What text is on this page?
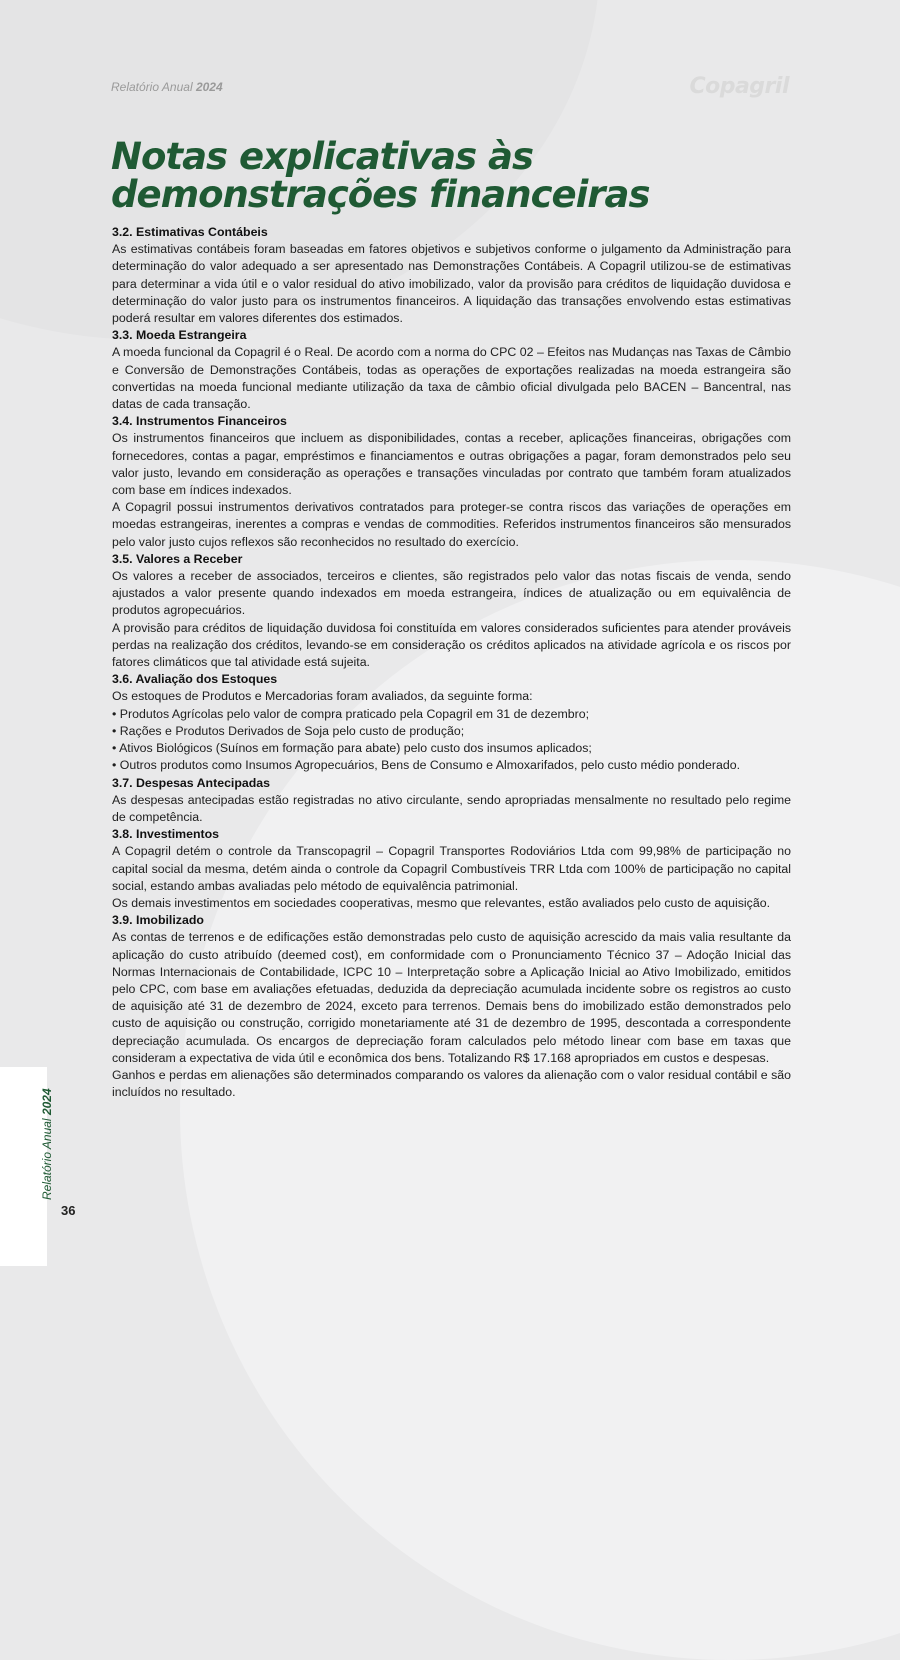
Relatório Anual 2024	Copagril
Notas explicativas às demonstrações financeiras
3.2. Estimativas Contábeis

As estimativas contábeis foram baseadas em fatores objetivos e subjetivos conforme o julgamento da Administração para determinação do valor adequado a ser apresentado nas Demonstrações Contábeis. A Copagril utilizou-se de estimativas para determinar a vida útil e o valor residual do ativo imobilizado, valor da provisão para créditos de liquidação duvidosa e determinação do valor justo para os instrumentos financeiros. A liquidação das transações envolvendo estas estimativas poderá resultar em valores diferentes dos estimados.

3.3. Moeda Estrangeira

A moeda funcional da Copagril é o Real. De acordo com a norma do CPC 02 – Efeitos nas Mudanças nas Taxas de Câmbio e Conversão de Demonstrações Contábeis, todas as operações de exportações realizadas na moeda estrangeira são convertidas na moeda funcional mediante utilização da taxa de câmbio oficial divulgada pelo BACEN – Bancentral, nas datas de cada transação.

3.4. Instrumentos Financeiros

Os instrumentos financeiros que incluem as disponibilidades, contas a receber, aplicações financeiras, obrigações com fornecedores, contas a pagar, empréstimos e financiamentos e outras obrigações a pagar, foram demonstrados pelo seu valor justo, levando em consideração as operações e transações vinculadas por contrato que também foram atualizados com base em índices indexados.

A Copagril possui instrumentos derivativos contratados para proteger-se contra riscos das variações de operações em moedas estrangeiras, inerentes a compras e vendas de commodities. Referidos instrumentos financeiros são mensurados pelo valor justo cujos reflexos são reconhecidos no resultado do exercício.

3.5. Valores a Receber

Os valores a receber de associados, terceiros e clientes, são registrados pelo valor das notas fiscais de venda, sendo ajustados a valor presente quando indexados em moeda estrangeira, índices de atualização ou em equivalência de produtos agropecuários.

A provisão para créditos de liquidação duvidosa foi constituída em valores considerados suficientes para atender prováveis perdas na realização dos créditos, levando-se em consideração os créditos aplicados na atividade agrícola e os riscos por fatores climáticos que tal atividade está sujeita.

3.6. Avaliação dos Estoques

Os estoques de Produtos e Mercadorias foram avaliados, da seguinte forma:

• Produtos Agrícolas pelo valor de compra praticado pela Copagril em 31 de dezembro;

• Rações e Produtos Derivados de Soja pelo custo de produção;

• Ativos Biológicos (Suínos em formação para abate) pelo custo dos insumos aplicados;

• Outros produtos como Insumos Agropecuários, Bens de Consumo e Almoxarifados, pelo custo médio ponderado.

3.7. Despesas Antecipadas

As despesas antecipadas estão registradas no ativo circulante, sendo apropriadas mensalmente no resultado pelo regime de competência.

3.8. Investimentos

A Copagril detém o controle da Transcopagril – Copagril Transportes Rodoviários Ltda com 99,98% de participação no capital social da mesma, detém ainda o controle da Copagril Combustíveis TRR Ltda com 100% de participação no capital social, estando ambas avaliadas pelo método de equivalência patrimonial.

Os demais investimentos em sociedades cooperativas, mesmo que relevantes, estão avaliados pelo custo de aquisição.

3.9. Imobilizado

As contas de terrenos e de edificações estão demonstradas pelo custo de aquisição acrescido da mais valia resultante da aplicação do custo atribuído (deemed cost), em conformidade com o Pronunciamento Técnico 37 – Adoção Inicial das Normas Internacionais de Contabilidade, ICPC 10 – Interpretação sobre a Aplicação Inicial ao Ativo Imobilizado, emitidos pelo CPC, com base em avaliações efetuadas, deduzida da depreciação acumulada incidente sobre os registros ao custo de aquisição até 31 de dezembro de 2024, exceto para terrenos. Demais bens do imobilizado estão demonstrados pelo custo de aquisição ou construção, corrigido monetariamente até 31 de dezembro de 1995, descontada a correspondente depreciação acumulada. Os encargos de depreciação foram calculados pelo método linear com base em taxas que consideram a expectativa de vida útil e econômica dos bens. Totalizando R$ 17.168 apropriados em custos e despesas.

Ganhos e perdas em alienações são determinados comparando os valores da alienação com o valor residual contábil e são incluídos no resultado.

Relatório Anual 2024
36
